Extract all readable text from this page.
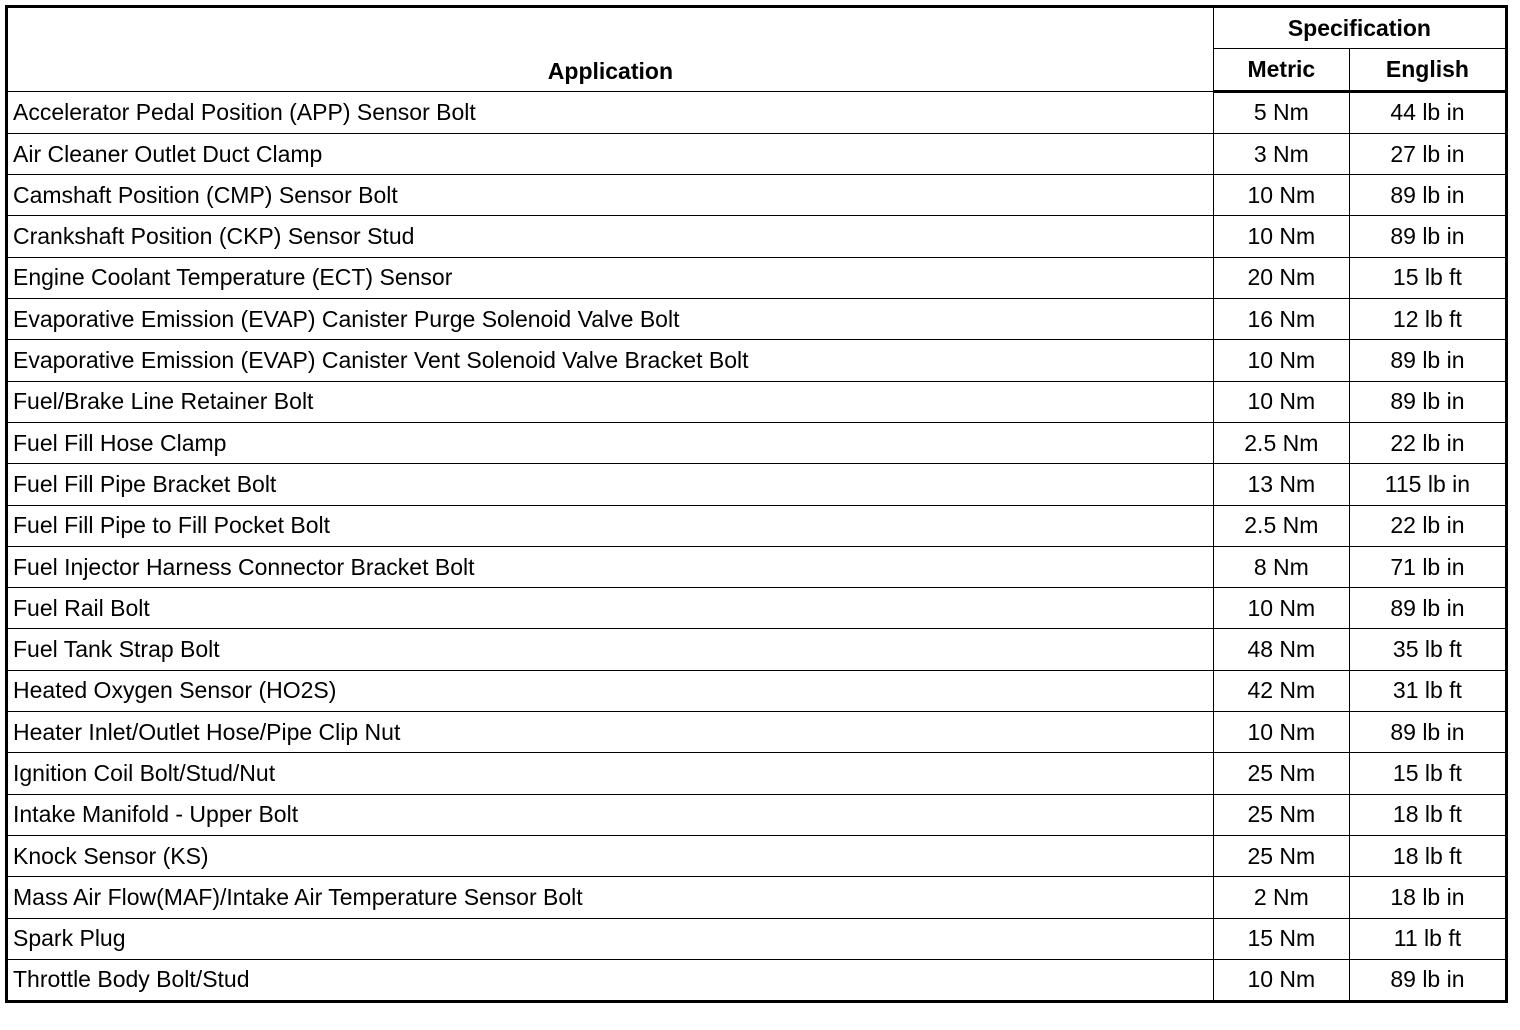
Application	Specification	
	Metric	English
Accelerator Pedal Position (APP) Sensor Bolt	5 Nm	44 lb in
Air Cleaner Outlet Duct Clamp	3 Nm	27 lb in
Camshaft Position (CMP) Sensor Bolt	10 Nm	89 lb in
Crankshaft Position (CKP) Sensor Stud	10 Nm	89 lb in
Engine Coolant Temperature (ECT) Sensor	20 Nm	15 lb ft
Evaporative Emission (EVAP) Canister Purge Solenoid Valve Bolt	16 Nm	12 lb ft
Evaporative Emission (EVAP) Canister Vent Solenoid Valve Bracket Bolt	10 Nm	89 lb in
Fuel/Brake Line Retainer Bolt	10 Nm	89 lb in
Fuel Fill Hose Clamp	2.5 Nm	22 lb in
Fuel Fill Pipe Bracket Bolt	13 Nm	115 lb in
Fuel Fill Pipe to Fill Pocket Bolt	2.5 Nm	22 lb in
Fuel Injector Harness Connector Bracket Bolt	8 Nm	71 lb in
Fuel Rail Bolt	10 Nm	89 lb in
Fuel Tank Strap Bolt	48 Nm	35 lb ft
Heated Oxygen Sensor (HO2S)	42 Nm	31 lb ft
Heater Inlet/Outlet Hose/Pipe Clip Nut	10 Nm	89 lb in
Ignition Coil Bolt/Stud/Nut	25 Nm	15 lb ft
Intake Manifold - Upper Bolt	25 Nm	18 lb ft
Knock Sensor (KS)	25 Nm	18 lb ft
Mass Air Flow(MAF)/Intake Air Temperature Sensor Bolt	2 Nm	18 lb in
Spark Plug	15 Nm	11 lb ft
Throttle Body Bolt/Stud	10 Nm	89 lb in
